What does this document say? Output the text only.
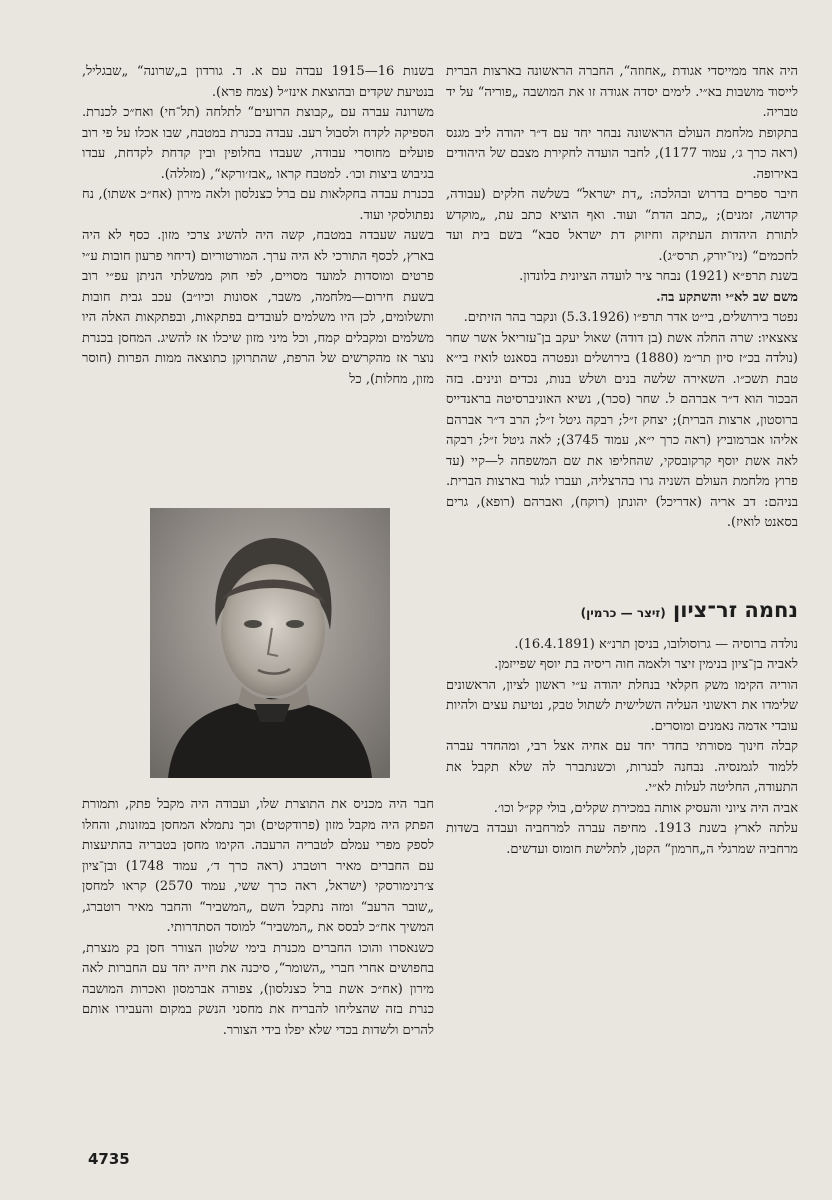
היה אחד ממייסדי אגודת „אחוזה“, החברה הראשונה בארצות הברית לייסוד מושבות בא״י. לימים יסדה אגודה זו את המושבה „פוריה“ על יד טבריה.

בתקופת מלחמת העולם הראשונה נבחר יחד עם ד״ר יהודה ליב מגנס (ראה כרך ג׳, עמוד 1177), לחבר הועדה לחקירת מצבם של היהודים באירופה.

חיבר ספרים בדרוש ובהלכה: „דת ישראל“ בשלשה חלקים (עבודה, קדושה, זמנים); „כתב הדת“ ועוד. ואף הוציא כתב עת, „מוקדש לתורת היהדות העתיקה וחיזוק דת ישראל סבא“ בשם בית ועד לחכמים“ (ניו־יורק, תרס״ג).

בשנת תרפ״א (1921) נבחר ציר לועדה הציונית בלונדון.

משם שב לא״י והשתקע בה.

נפטר בירושלים, בי״ט אדר תרפ״ו (5.3.1926) ונקבר בהר הזיתים.

צאצאיו: שרה החלה אשת (בן דודה) שאול יעקב בן־עזריאל אשר שחר (נולדה בכ״ז סיון תר״מ (1880) בירושלים ונפטרה בסאנט לואיז בי״א טבת תשכ״ו. השאירה שלשה בנים ושלש בנות, נכדים ונינים. בזה הבכור הוא ד״ר אברהם ל. שחר (סכר), נשיא האוניברסיטה בראנדייס ברוסטון, ארצות הברית); יצחק ז״ל; רבקה גיטל ז״ל; הרב ד״ר אברהם אליהו אברמוביץ (ראה כרך י״א, עמוד 3745); לאה גיטל ז״ל; רבקה לאה אשת יוסף קרקובסקי, שהחליפו את שם המשפחה ל—קיי (עד פרוץ מלחמת העולם השניה גרו בהרצליה, ועברו לגור בארצות הברית. בניהם: דב אריה (אדריכל) יהונתן (רוקח), ואברהם (רופא), גרים בסאנט לואיז).

נחמה זר־ציון (זיצר — כרמין)

נולדה ברוסיה — גרוסולובו, בניסן תרנ״א (16.4.1891).

לאביה בן־ציון בנימין זיצר ולאמה חוה ריסיה בת יוסף שפייזמן.

הוריה הקימו משק חקלאי בנחלת יהודה ע״י ראשון לציון, הראשונים שלימדו את ראשוני העליה השלישית לשתול טבק, נטיעת עצים ולהיות עובדי אדמה נאמנים ומוסרים.

קבלה חינוך מסורתי בחדר יחד עם אחיה אצל רבי, ומהחדר עברה ללמוד לגמנסיה. נבחנה לבגרות, וכשנתברר לה שלא תקבל את התעודה, החליטה לעלות לא״י.

אביה היה ציוני והעסיק אותה במכירת שקלים, בולי קק״ל וכו׳.

עלתה לארץ בשנת 1913. מחיפה עברה למרחביה ועבדה בשדות מרחביה שמרגלי ה„חרמון“ הקטן, לתלישת חומוס ועדשים.

בשנות 16—1915 עבדה עם א. ד. גורדון ב„שרונה“ „שבגליל, בנטיעת שקדים ובהוצאת אינז״ל (צמח פרא).

משרונה עברה עם „קבוצת הרועים“ לתלחה (תל־חי) ואח״כ לכנרת. הספיקה לקדח ולסבול רעב. עבדה בכנרת במטבח, שבו אכלו על פי רוב פועלים מחוסרי עבודה, שעבדו בחלופין ובין קדחת לקדחת, עבדו בגיבוש ביצות וכו׳. למטבח קראו „אבז׳ורקא“, (מזללה).

בכנרת עבדה בחקלאות עם ברל כצנלסון ולאה מירון (אח״כ אשתו), נח נפתולסקי ועוד.

בשעה שעבדה במטבח, קשה היה להשיג צרכי מזון. כסף לא היה בארץ, לכסף התורכי לא היה ערך. המורטוריום (דיחוי פרעון חובות ע״י פרטים ומוסדות למועד מסויים, לפי חוק ממשלתי הניתן עפ״י רוב בשעת חירום—מלחמה, משבר, אסונות וכיו״ב) עכב גבית חובות ותשלומים, לכן היו משלמים לעובדים בפתקאות, ובפתקאות האלה היו משלמים ומקבלים קמח, וכל מיני מזון שיכלו אז להשיג. המחסן בכנרת נוצר אז מהקרשים של הרפת, שהתרוקן כתוצאה ממות הפרות (חוסר מזון, מחלות), כל

חבר היה מכניס את התוצרת שלו, ועבודה היה מקבל פתק, ותמורת הפתק היה מקבל מזון (פרודקטים) וכך נתמלא המחסן במזונות, והחלו לספק מפרי עמלם לטבריה הרעבה. הקימו מחסן בטבריה בהתיעצות עם החברים מאיר רוטברג (ראה כרך ד׳, עמוד 1748) ובן־ציון צ׳רנימורסקי (ישראל, ראה כרך ששי, עמוד 2570) קראו למחסן „שובר הרעב“ ומזה נתקבל השם „המשביר“ והחבר מאיר רוטברג, המשיך אח״כ לבסס את „המשביר“ למוסד הסתדרותי.

כשנאסרו והוכו החברים מכנרת בימי שלטון הצורר חסן בק מנצרת, בחפושים אחרי חברי „השומר“, סיכנה את חייה יחד עם החברות לאה מירון (אח״כ אשת ברל כצנלסון), צפורה אברמסון ואכרות המושבה כנרת בזה שהצליחו להבריח את מחסני הנשק במקום והעבירו אותם להרים ולשדות בכדי שלא יפלו בידי הצורר.

4735
